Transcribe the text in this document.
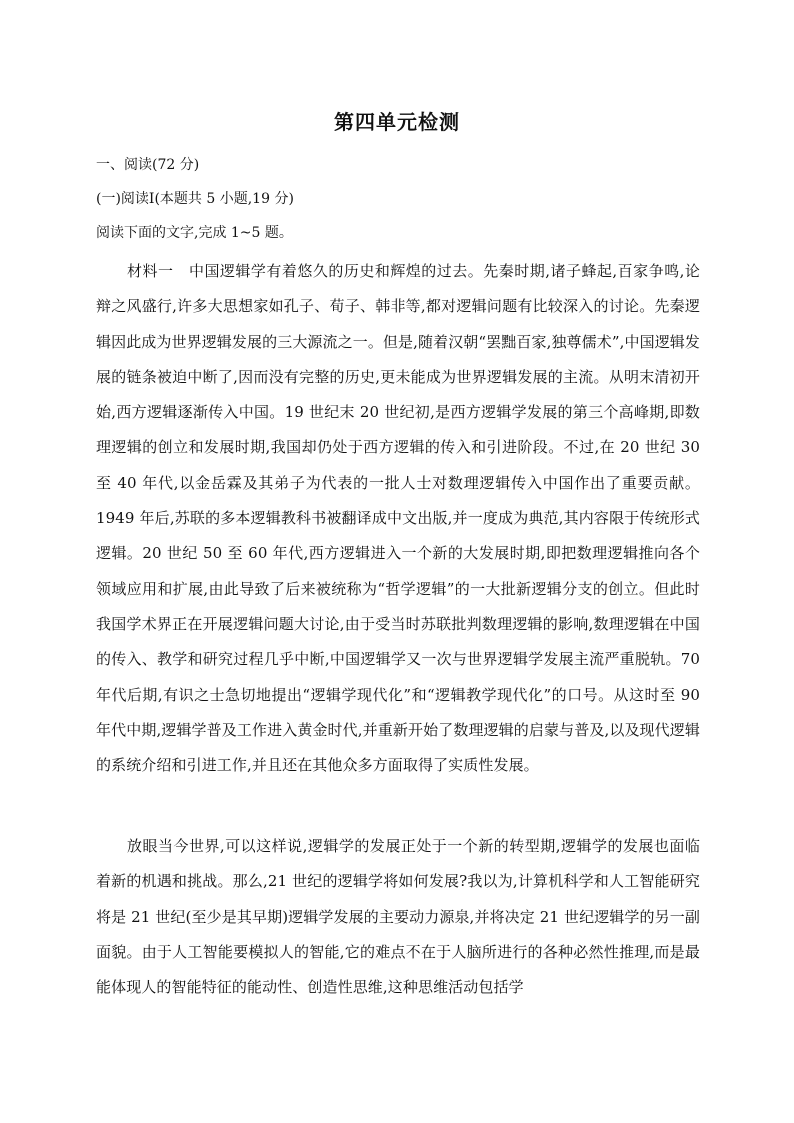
第四单元检测
一、阅读(72 分)
(一)阅读Ⅰ(本题共 5 小题,19 分)
阅读下面的文字,完成 1~5 题。

材料一　中国逻辑学有着悠久的历史和辉煌的过去。先秦时期,诸子蜂起,百家争鸣,论辩之风盛行,许多大思想家如孔子、荀子、韩非等,都对逻辑问题有比较深入的讨论。先秦逻辑因此成为世界逻辑发展的三大源流之一。但是,随着汉朝“罢黜百家,独尊儒术”,中国逻辑发展的链条被迫中断了,因而没有完整的历史,更未能成为世界逻辑发展的主流。从明末清初开始,西方逻辑逐渐传入中国。19 世纪末 20 世纪初,是西方逻辑学发展的第三个高峰期,即数理逻辑的创立和发展时期,我国却仍处于西方逻辑的传入和引进阶段。不过,在 20 世纪 30 至 40 年代,以金岳霖及其弟子为代表的一批人士对数理逻辑传入中国作出了重要贡献。1949 年后,苏联的多本逻辑教科书被翻译成中文出版,并一度成为典范,其内容限于传统形式逻辑。20 世纪 50 至 60 年代,西方逻辑进入一个新的大发展时期,即把数理逻辑推向各个领域应用和扩展,由此导致了后来被统称为“哲学逻辑”的一大批新逻辑分支的创立。但此时我国学术界正在开展逻辑问题大讨论,由于受当时苏联批判数理逻辑的影响,数理逻辑在中国的传入、教学和研究过程几乎中断,中国逻辑学又一次与世界逻辑学发展主流严重脱轨。70 年代后期,有识之士急切地提出“逻辑学现代化”和“逻辑教学现代化”的口号。从这时至 90 年代中期,逻辑学普及工作进入黄金时代,并重新开始了数理逻辑的启蒙与普及,以及现代逻辑的系统介绍和引进工作,并且还在其他众多方面取得了实质性发展。

放眼当今世界,可以这样说,逻辑学的发展正处于一个新的转型期,逻辑学的发展也面临着新的机遇和挑战。那么,21 世纪的逻辑学将如何发展?我以为,计算机科学和人工智能研究将是 21 世纪(至少是其早期)逻辑学发展的主要动力源泉,并将决定 21 世纪逻辑学的另一副面貌。由于人工智能要模拟人的智能,它的难点不在于人脑所进行的各种必然性推理,而是最能体现人的智能特征的能动性、创造性思维,这种思维活动包括学
